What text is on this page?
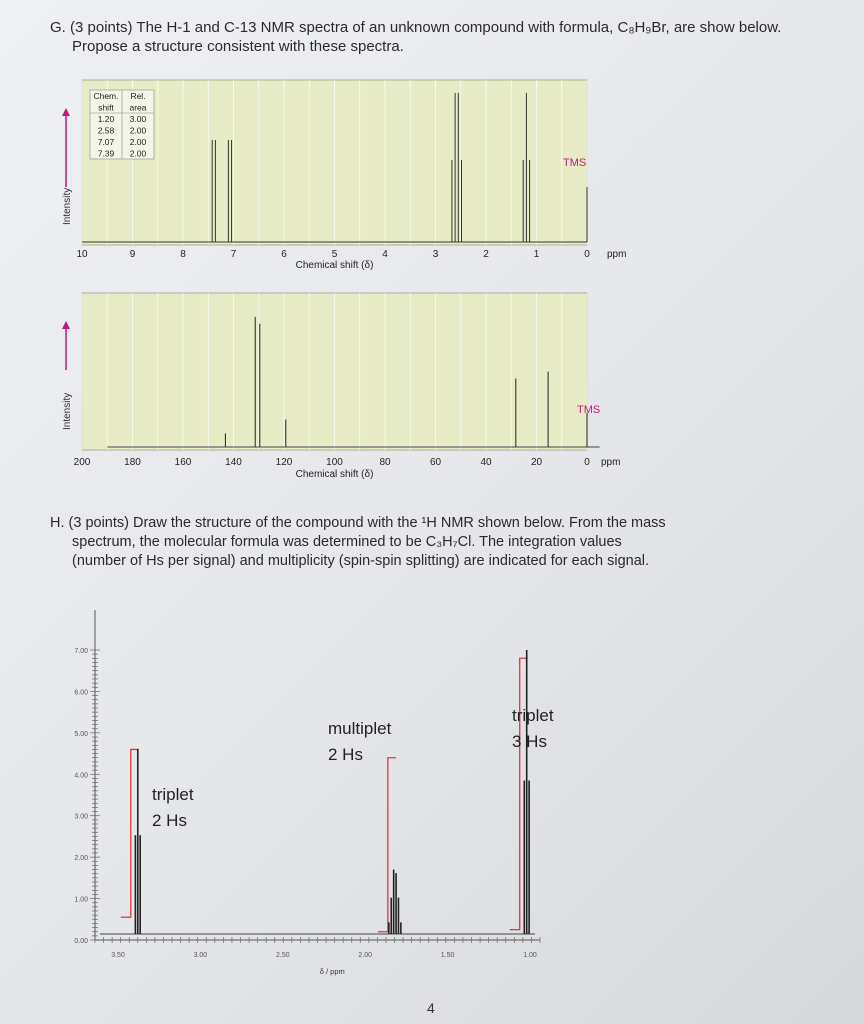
G. (3 points) The H-1 and C-13 NMR spectra of an unknown compound with formula, C₈H₉Br, are show below.
Propose a structure consistent with these spectra.
TMS
10	9	8	7	6	5	4	3	2	1	0 ppm
Chemical shift (δ)
Intensity
Chem.
shift
Rel.
area
1.20 3.00
2.58 2.00
7.07 2.00
7.39 2.00
TMS
200	180	160	140	120	100	80	60	40	20	0 ppm
Chemical shift (δ)
Intensity
H. (3 points) Draw the structure of the compound with the ¹H NMR shown below. From the mass
spectrum, the molecular formula was determined to be C₃H₇Cl. The integration values
(number of Hs per signal) and multiplicity (spin-spin splitting) are indicated for each signal.
0.00
1.00
2.00
3.00
4.00
5.00
6.00
7.00
3.50	3.00	2.50	2.00	1.50	1.00
δ / ppm
triplet
2 Hs
multiplet
2 Hs
triplet
3 Hs
4
